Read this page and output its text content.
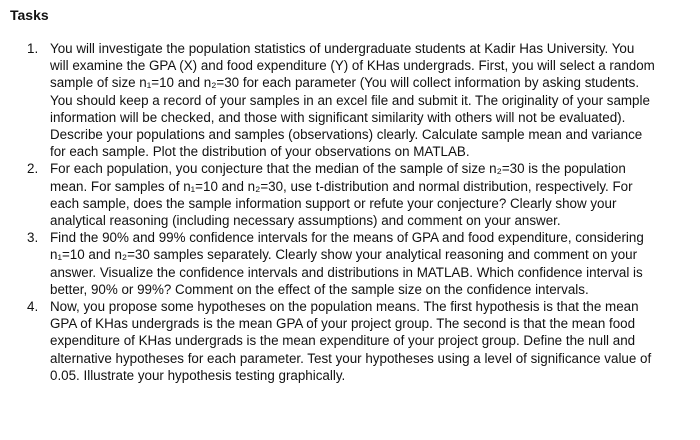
Tasks
1. You will investigate the population statistics of undergraduate students at Kadir Has University. You will examine the GPA (X) and food expenditure (Y) of KHas undergrads. First, you will select a random sample of size n₁=10 and n₂=30 for each parameter (You will collect information by asking students. You should keep a record of your samples in an excel file and submit it. The originality of your sample information will be checked, and those with significant similarity with others will not be evaluated). Describe your populations and samples (observations) clearly. Calculate sample mean and variance for each sample. Plot the distribution of your observations on MATLAB.
2. For each population, you conjecture that the median of the sample of size n₂=30 is the population mean. For samples of n₁=10 and n₂=30, use t-distribution and normal distribution, respectively. For each sample, does the sample information support or refute your conjecture? Clearly show your analytical reasoning (including necessary assumptions) and comment on your answer.
3. Find the 90% and 99% confidence intervals for the means of GPA and food expenditure, considering n₁=10 and n₂=30 samples separately. Clearly show your analytical reasoning and comment on your answer. Visualize the confidence intervals and distributions in MATLAB. Which confidence interval is better, 90% or 99%? Comment on the effect of the sample size on the confidence intervals.
4. Now, you propose some hypotheses on the population means. The first hypothesis is that the mean GPA of KHas undergrads is the mean GPA of your project group. The second is that the mean food expenditure of KHas undergrads is the mean expenditure of your project group. Define the null and alternative hypotheses for each parameter. Test your hypotheses using a level of significance value of 0.05. Illustrate your hypothesis testing graphically.
